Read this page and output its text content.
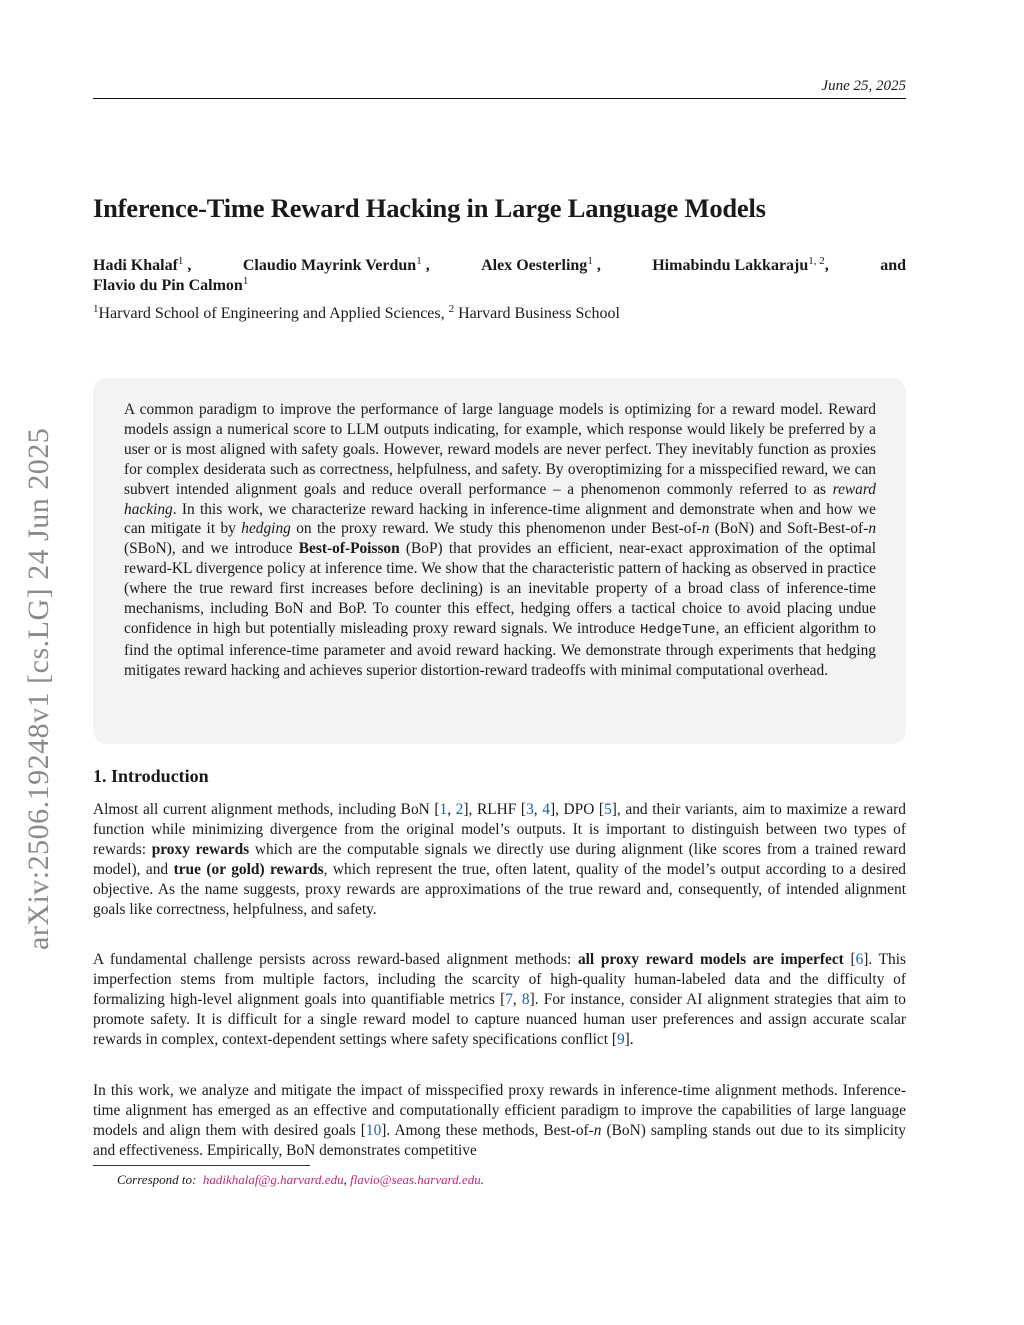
June 25, 2025
arXiv:2506.19248v1 [cs.LG] 24 Jun 2025
Inference-Time Reward Hacking in Large Language Models
Hadi Khalaf$^1$ ,	Claudio Mayrink Verdun$^1$ ,	Alex Oesterling$^1$ ,	Himabindu Lakkaraju$^{1, 2}$,	and
Flavio du Pin Calmon$^1$
$^1$Harvard School of Engineering and Applied Sciences, $^2$ Harvard Business School

A common paradigm to improve the performance of large language models is optimizing for a reward model. Reward models assign a numerical score to LLM outputs indicating, for example, which response would likely be preferred by a user or is most aligned with safety goals. However, reward models are never perfect. They inevitably function as proxies for complex desiderata such as correctness, helpfulness, and safety. By overoptimizing for a misspecified reward, we can subvert intended alignment goals and reduce overall performance – a phenomenon commonly referred to as reward hacking. In this work, we characterize reward hacking in inference-time alignment and demonstrate when and how we can mitigate it by hedging on the proxy reward. We study this phenomenon under Best-of-n (BoN) and Soft-Best-of-n (SBoN), and we introduce Best-of-Poisson (BoP) that provides an efficient, near-exact approximation of the optimal reward-KL divergence policy at inference time. We show that the characteristic pattern of hacking as observed in practice (where the true reward first increases before declining) is an inevitable property of a broad class of inference-time mechanisms, including BoN and BoP. To counter this effect, hedging offers a tactical choice to avoid placing undue confidence in high but potentially misleading proxy reward signals. We introduce HedgeTune, an efficient algorithm to find the optimal inference-time parameter and avoid reward hacking. We demonstrate through experiments that hedging mitigates reward hacking and achieves superior distortion-reward tradeoffs with minimal computational overhead.

1. Introduction

Almost all current alignment methods, including BoN [1, 2], RLHF [3, 4], DPO [5], and their variants, aim to maximize a reward function while minimizing divergence from the original model’s outputs. It is important to distinguish between two types of rewards: proxy rewards which are the computable signals we directly use during alignment (like scores from a trained reward model), and true (or gold) rewards, which represent the true, often latent, quality of the model’s output according to a desired objective. As the name suggests, proxy rewards are approximations of the true reward and, consequently, of intended alignment goals like correctness, helpfulness, and safety.

A fundamental challenge persists across reward-based alignment methods: all proxy reward models are imperfect [6]. This imperfection stems from multiple factors, including the scarcity of high-quality human-labeled data and the difficulty of formalizing high-level alignment goals into quantifiable metrics [7, 8]. For instance, consider AI alignment strategies that aim to promote safety. It is difficult for a single reward model to capture nuanced human user preferences and assign accurate scalar rewards in complex, context-dependent settings where safety specifications conflict [9].

In this work, we analyze and mitigate the impact of misspecified proxy rewards in inference-time alignment methods. Inference-time alignment has emerged as an effective and computationally efficient paradigm to improve the capabilities of large language models and align them with desired goals [10]. Among these methods, Best-of-n (BoN) sampling stands out due to its simplicity and effectiveness. Empirically, BoN demonstrates competitive

Correspond to: hadikhalaf@g.harvard.edu, flavio@seas.harvard.edu.
